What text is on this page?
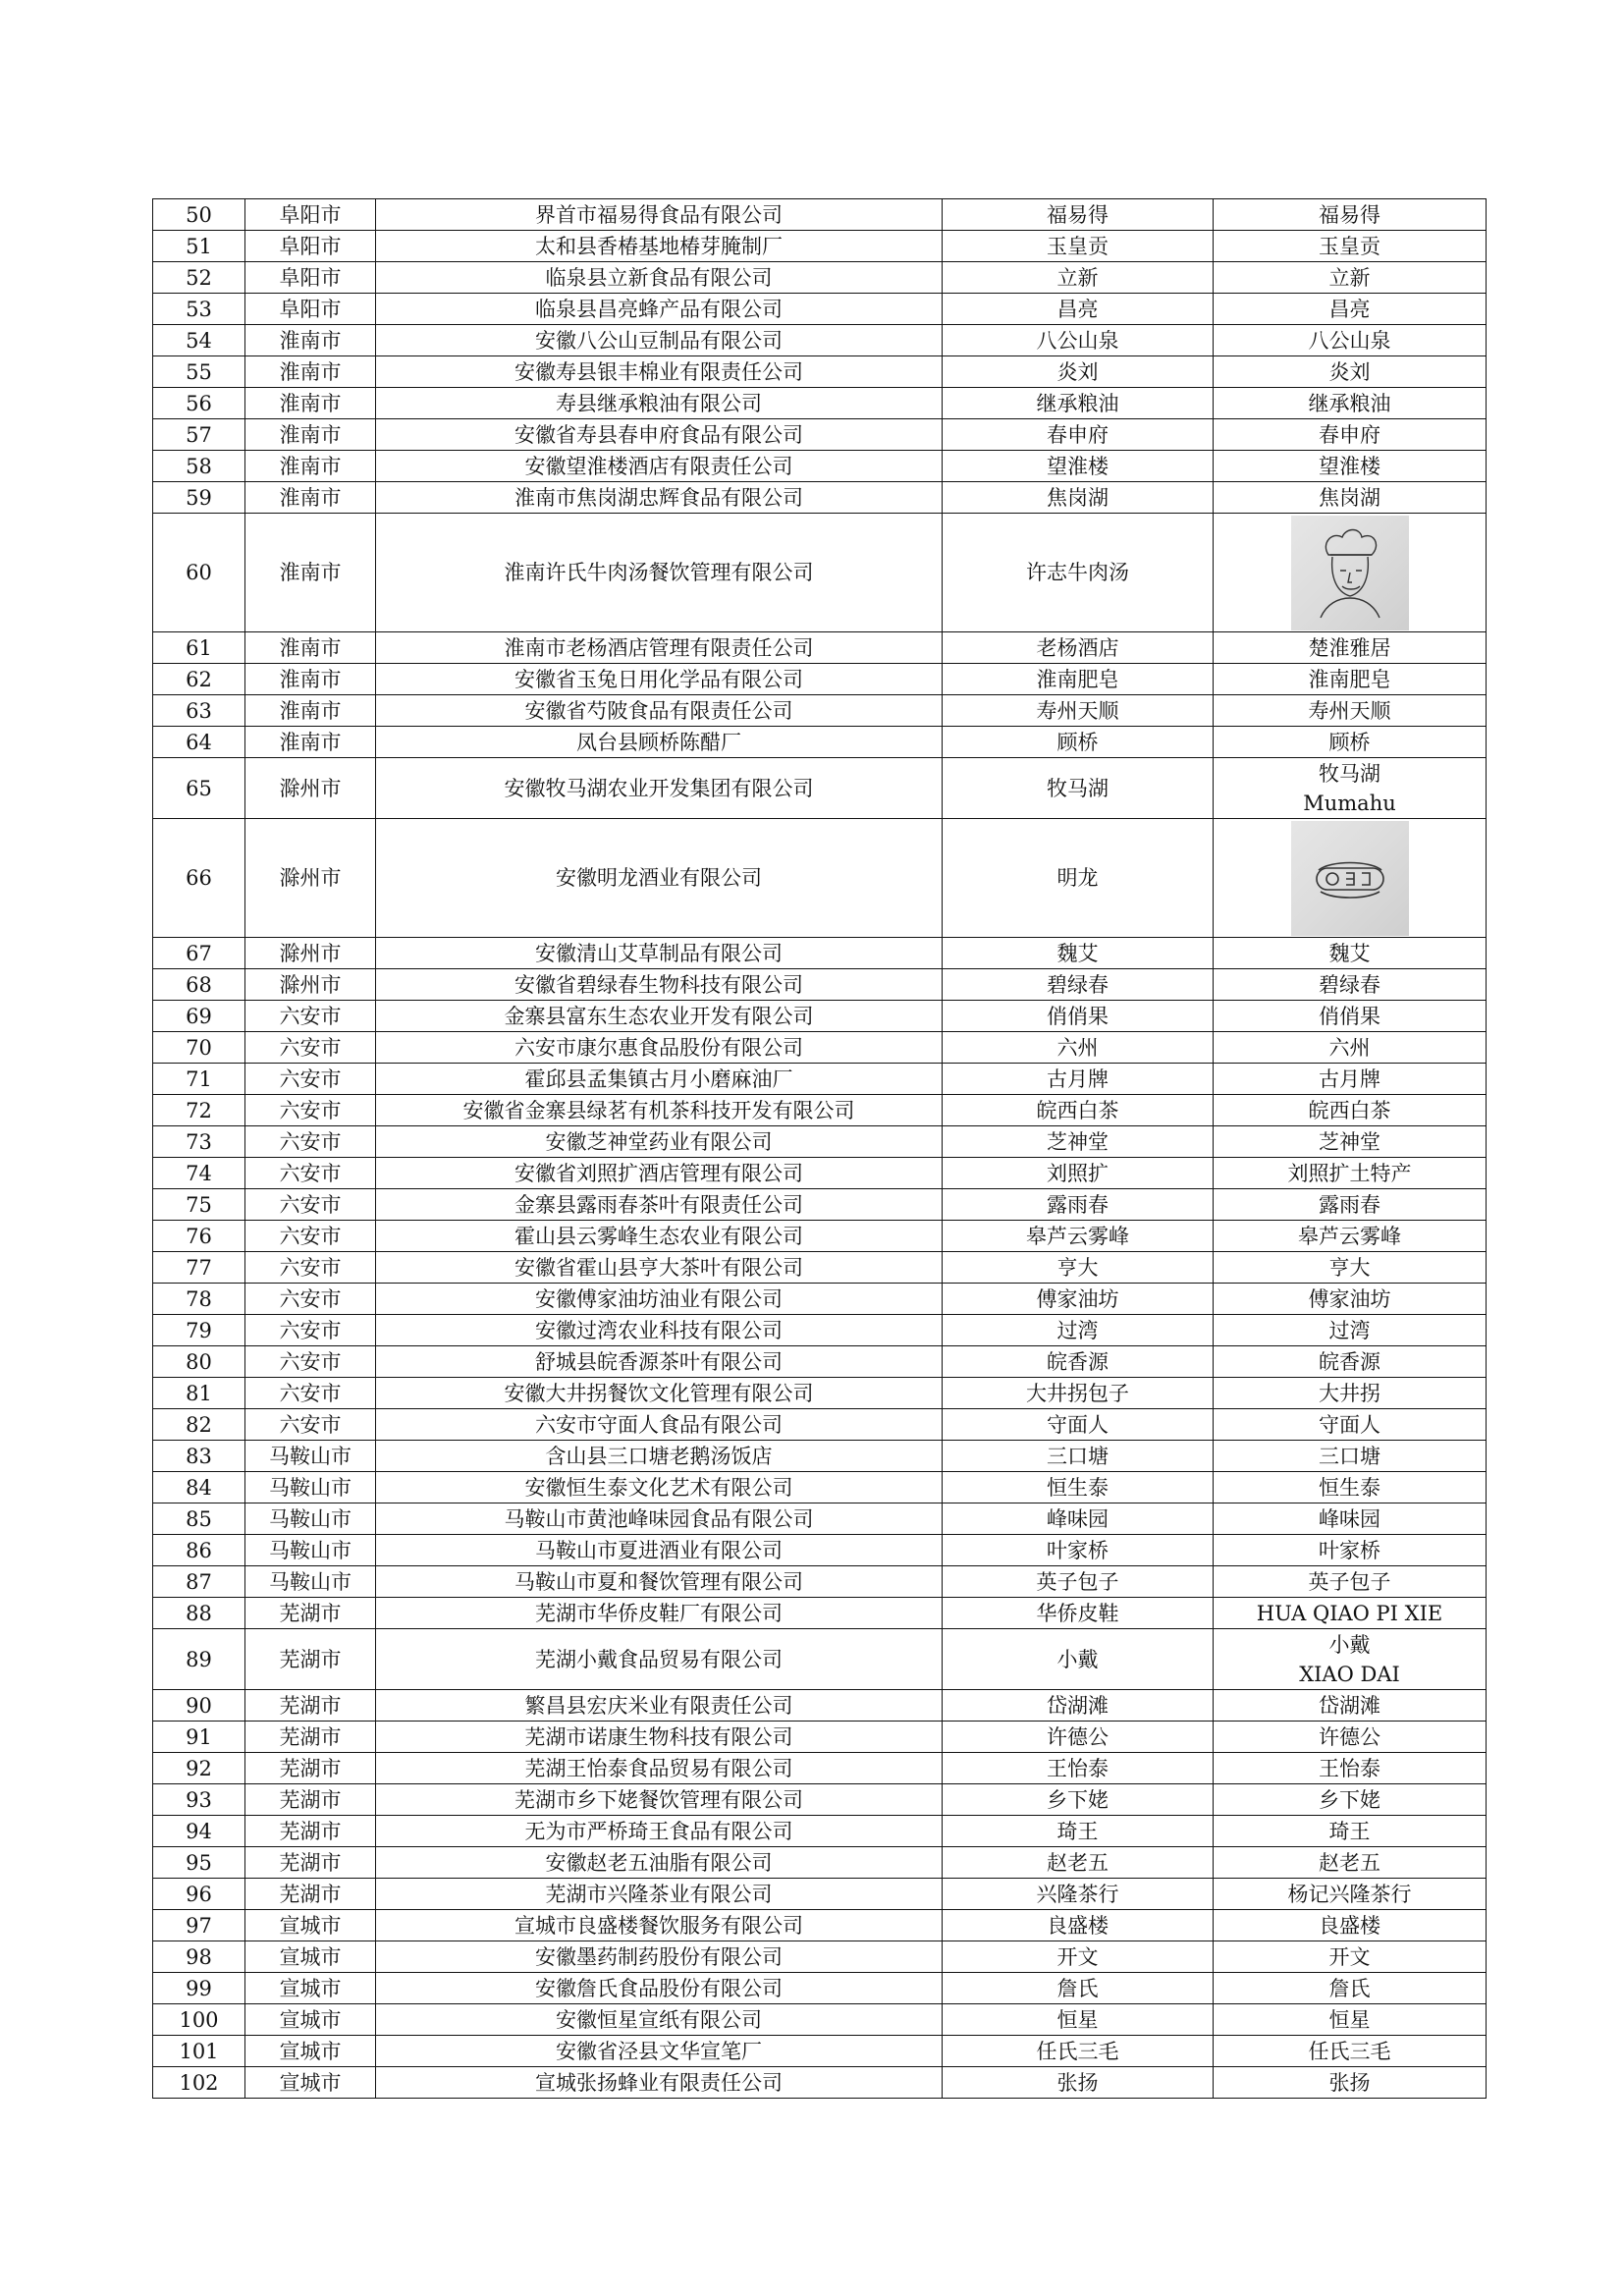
50	阜阳市	界首市福易得食品有限公司	福易得	福易得
51	阜阳市	太和县香椿基地椿芽腌制厂	玉皇贡	玉皇贡
52	阜阳市	临泉县立新食品有限公司	立新	立新
53	阜阳市	临泉县昌亮蜂产品有限公司	昌亮	昌亮
54	淮南市	安徽八公山豆制品有限公司	八公山泉	八公山泉
55	淮南市	安徽寿县银丰棉业有限责任公司	炎刘	炎刘
56	淮南市	寿县继承粮油有限公司	继承粮油	继承粮油
57	淮南市	安徽省寿县春申府食品有限公司	春申府	春申府
58	淮南市	安徽望淮楼酒店有限责任公司	望淮楼	望淮楼
59	淮南市	淮南市焦岗湖忠辉食品有限公司	焦岗湖	焦岗湖
60	淮南市	淮南许氏牛肉汤餐饮管理有限公司	许志牛肉汤	

61	淮南市	淮南市老杨酒店管理有限责任公司	老杨酒店	楚淮雅居
62	淮南市	安徽省玉兔日用化学品有限公司	淮南肥皂	淮南肥皂
63	淮南市	安徽省芍陂食品有限责任公司	寿州天顺	寿州天顺
64	淮南市	凤台县顾桥陈醋厂	顾桥	顾桥
65	滁州市	安徽牧马湖农业开发集团有限公司	牧马湖	牧马湖
Mumahu

66	滁州市	安徽明龙酒业有限公司	明龙	

67	滁州市	安徽清山艾草制品有限公司	魏艾	魏艾
68	滁州市	安徽省碧绿春生物科技有限公司	碧绿春	碧绿春
69	六安市	金寨县富东生态农业开发有限公司	俏俏果	俏俏果
70	六安市	六安市康尔惠食品股份有限公司	六州	六州
71	六安市	霍邱县孟集镇古月小磨麻油厂	古月牌	古月牌
72	六安市	安徽省金寨县绿茗有机茶科技开发有限公司	皖西白茶	皖西白茶
73	六安市	安徽芝神堂药业有限公司	芝神堂	芝神堂
74	六安市	安徽省刘照扩酒店管理有限公司	刘照扩	刘照扩土特产
75	六安市	金寨县露雨春茶叶有限责任公司	露雨春	露雨春
76	六安市	霍山县云雾峰生态农业有限公司	皋芦云雾峰	皋芦云雾峰
77	六安市	安徽省霍山县亨大茶叶有限公司	亨大	亨大
78	六安市	安徽傅家油坊油业有限公司	傅家油坊	傅家油坊
79	六安市	安徽过湾农业科技有限公司	过湾	过湾
80	六安市	舒城县皖香源茶叶有限公司	皖香源	皖香源
81	六安市	安徽大井拐餐饮文化管理有限公司	大井拐包子	大井拐
82	六安市	六安市守面人食品有限公司	守面人	守面人
83	马鞍山市	含山县三口塘老鹅汤饭店	三口塘	三口塘
84	马鞍山市	安徽恒生泰文化艺术有限公司	恒生泰	恒生泰
85	马鞍山市	马鞍山市黄池峰味园食品有限公司	峰味园	峰味园
86	马鞍山市	马鞍山市夏进酒业有限公司	叶家桥	叶家桥
87	马鞍山市	马鞍山市夏和餐饮管理有限公司	英子包子	英子包子
88	芜湖市	芜湖市华侨皮鞋厂有限公司	华侨皮鞋	HUA QIAO PI XIE
89	芜湖市	芜湖小戴食品贸易有限公司	小戴	小戴
XIAO DAI

90	芜湖市	繁昌县宏庆米业有限责任公司	岱湖滩	岱湖滩
91	芜湖市	芜湖市诺康生物科技有限公司	许德公	许德公
92	芜湖市	芜湖王怡泰食品贸易有限公司	王怡泰	王怡泰
93	芜湖市	芜湖市乡下姥餐饮管理有限公司	乡下姥	乡下姥
94	芜湖市	无为市严桥琦王食品有限公司	琦王	琦王
95	芜湖市	安徽赵老五油脂有限公司	赵老五	赵老五
96	芜湖市	芜湖市兴隆茶业有限公司	兴隆茶行	杨记兴隆茶行
97	宣城市	宣城市良盛楼餐饮服务有限公司	良盛楼	良盛楼
98	宣城市	安徽墨药制药股份有限公司	开文	开文
99	宣城市	安徽詹氏食品股份有限公司	詹氏	詹氏
100	宣城市	安徽恒星宣纸有限公司	恒星	恒星
101	宣城市	安徽省泾县文华宣笔厂	任氏三毛	任氏三毛
102	宣城市	宣城张扬蜂业有限责任公司	张扬	张扬
